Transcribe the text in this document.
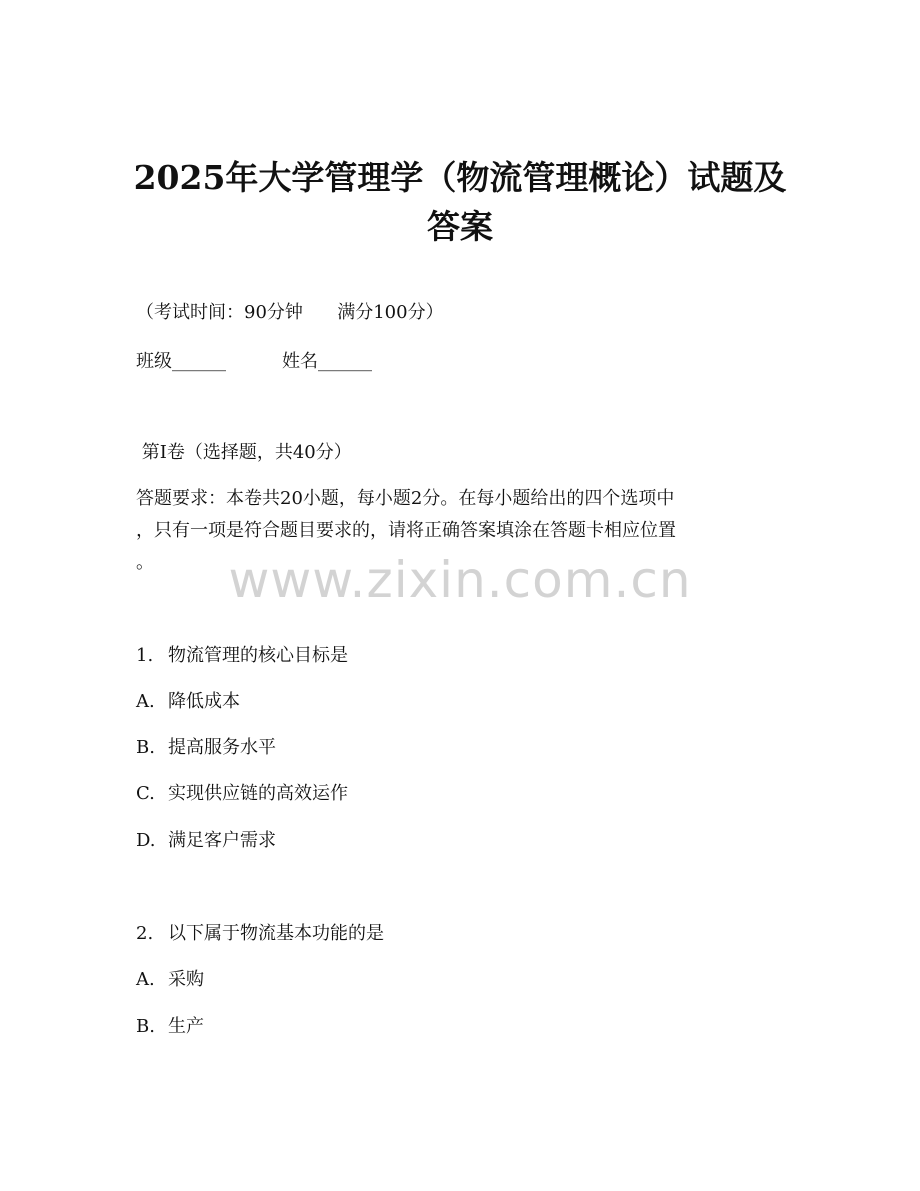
2025年大学管理学（物流管理概论）试题及
答案

（考试时间：90分钟      满分100分）

班级______	姓名______

第I卷（选择题，共40分）

答题要求：本卷共20小题，每小题2分。在每小题给出的四个选项中

，只有一项是符合题目要求的，请将正确答案填涂在答题卡相应位置

。	www.zixin.com.cn

1. 物流管理的核心目标是

A. 降低成本

B. 提高服务水平

C. 实现供应链的高效运作

D. 满足客户需求

2. 以下属于物流基本功能的是

A. 采购

B. 生产
